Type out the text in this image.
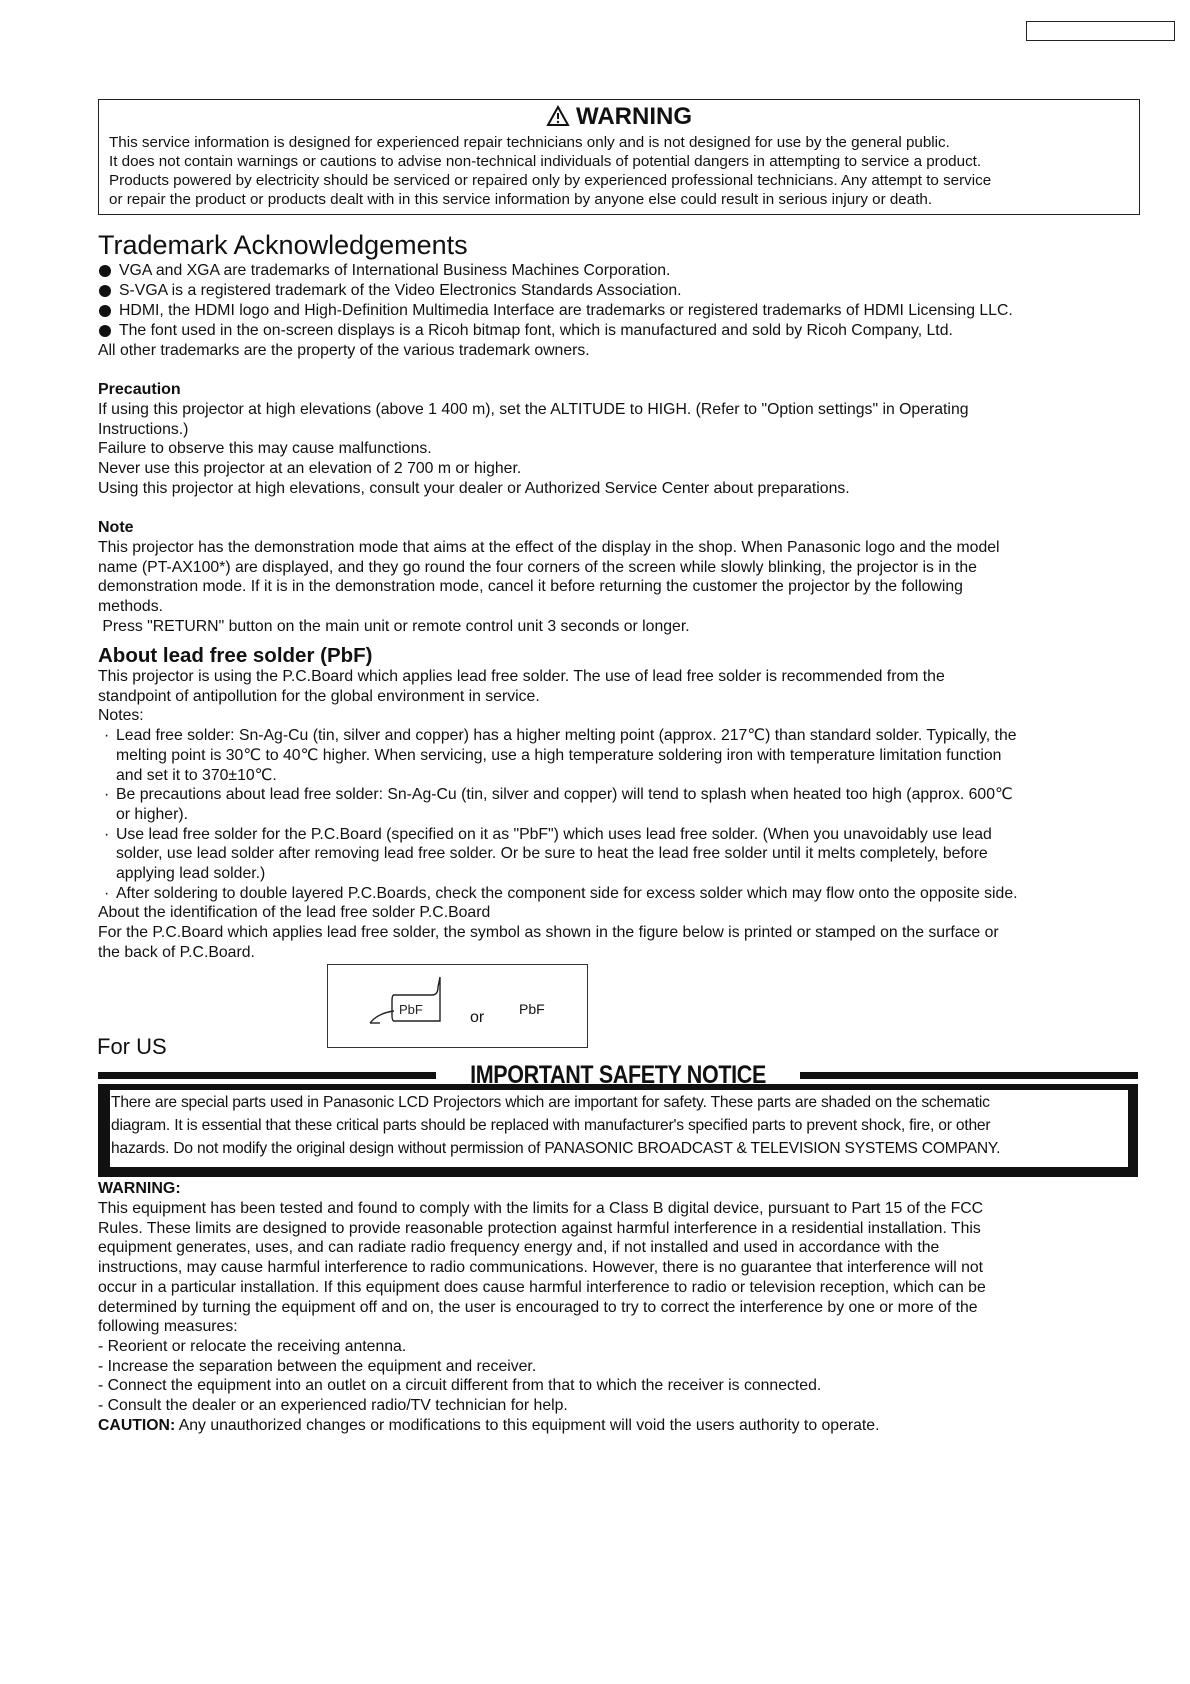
WARNING
This service information is designed for experienced repair technicians only and is not designed for use by the general public.
It does not contain warnings or cautions to advise non-technical individuals of potential dangers in attempting to service a product.
Products powered by electricity should be serviced or repaired only by experienced professional technicians. Any attempt to service
or repair the product or products dealt with in this service information by anyone else could result in serious injury or death.
Trademark Acknowledgements
VGA and XGA are trademarks of International Business Machines Corporation.
S-VGA is a registered trademark of the Video Electronics Standards Association.
HDMI, the HDMI logo and High-Definition Multimedia Interface are trademarks or registered trademarks of HDMI Licensing LLC.
The font used in the on-screen displays is a Ricoh bitmap font, which is manufactured and sold by Ricoh Company, Ltd.
All other trademarks are the property of the various trademark owners.
Precaution
If using this projector at high elevations (above 1 400 m), set the ALTITUDE to HIGH. (Refer to "Option settings" in Operating
Instructions.)
Failure to observe this may cause malfunctions.
Never use this projector at an elevation of 2 700 m or higher.
Using this projector at high elevations, consult your dealer or Authorized Service Center about preparations.
Note
This projector has the demonstration mode that aims at the effect of the display in the shop. When Panasonic logo and the model
name (PT-AX100*) are displayed, and they go round the four corners of the screen while slowly blinking, the projector is in the
demonstration mode. If it is in the demonstration mode, cancel it before returning the customer the projector by the following
methods.
Press "RETURN" button on the main unit or remote control unit 3 seconds or longer.
About lead free solder (PbF)
This projector is using the P.C.Board which applies lead free solder. The use of lead free solder is recommended from the
standpoint of antipollution for the global environment in service.
Notes:
· Lead free solder: Sn-Ag-Cu (tin, silver and copper) has a higher melting point (approx. 217℃) than standard solder. Typically, the
melting point is 30℃ to 40℃ higher. When servicing, use a high temperature soldering iron with temperature limitation function
and set it to 370±10℃.
· Be precautions about lead free solder: Sn-Ag-Cu (tin, silver and copper) will tend to splash when heated too high (approx. 600℃
or higher).
· Use lead free solder for the P.C.Board (specified on it as "PbF") which uses lead free solder. (When you unavoidably use lead
solder, use lead solder after removing lead free solder. Or be sure to heat the lead free solder until it melts completely, before
applying lead solder.)
· After soldering to double layered P.C.Boards, check the component side for excess solder which may flow onto the opposite side.
About the identification of the lead free solder P.C.Board
For the P.C.Board which applies lead free solder, the symbol as shown in the figure below is printed or stamped on the surface or
the back of P.C.Board.
PbF	or PbF
For US
There are special parts used in Panasonic LCD Projectors which are important for safety. These parts are shaded on the schematic
diagram. It is essential that these critical parts should be replaced with manufacturer's specified parts to prevent shock, fire, or other
hazards. Do not modify the original design without permission of PANASONIC BROADCAST & TELEVISION SYSTEMS COMPANY.
IMPORTANT SAFETY NOTICE
WARNING:
This equipment has been tested and found to comply with the limits for a Class B digital device, pursuant to Part 15 of the FCC
Rules. These limits are designed to provide reasonable protection against harmful interference in a residential installation. This
equipment generates, uses, and can radiate radio frequency energy and, if not installed and used in accordance with the
instructions, may cause harmful interference to radio communications. However, there is no guarantee that interference will not
occur in a particular installation. If this equipment does cause harmful interference to radio or television reception, which can be
determined by turning the equipment off and on, the user is encouraged to try to correct the interference by one or more of the
following measures:
- Reorient or relocate the receiving antenna.
- Increase the separation between the equipment and receiver.
- Connect the equipment into an outlet on a circuit different from that to which the receiver is connected.
- Consult the dealer or an experienced radio/TV technician for help.
CAUTION: Any unauthorized changes or modifications to this equipment will void the users authority to operate.
